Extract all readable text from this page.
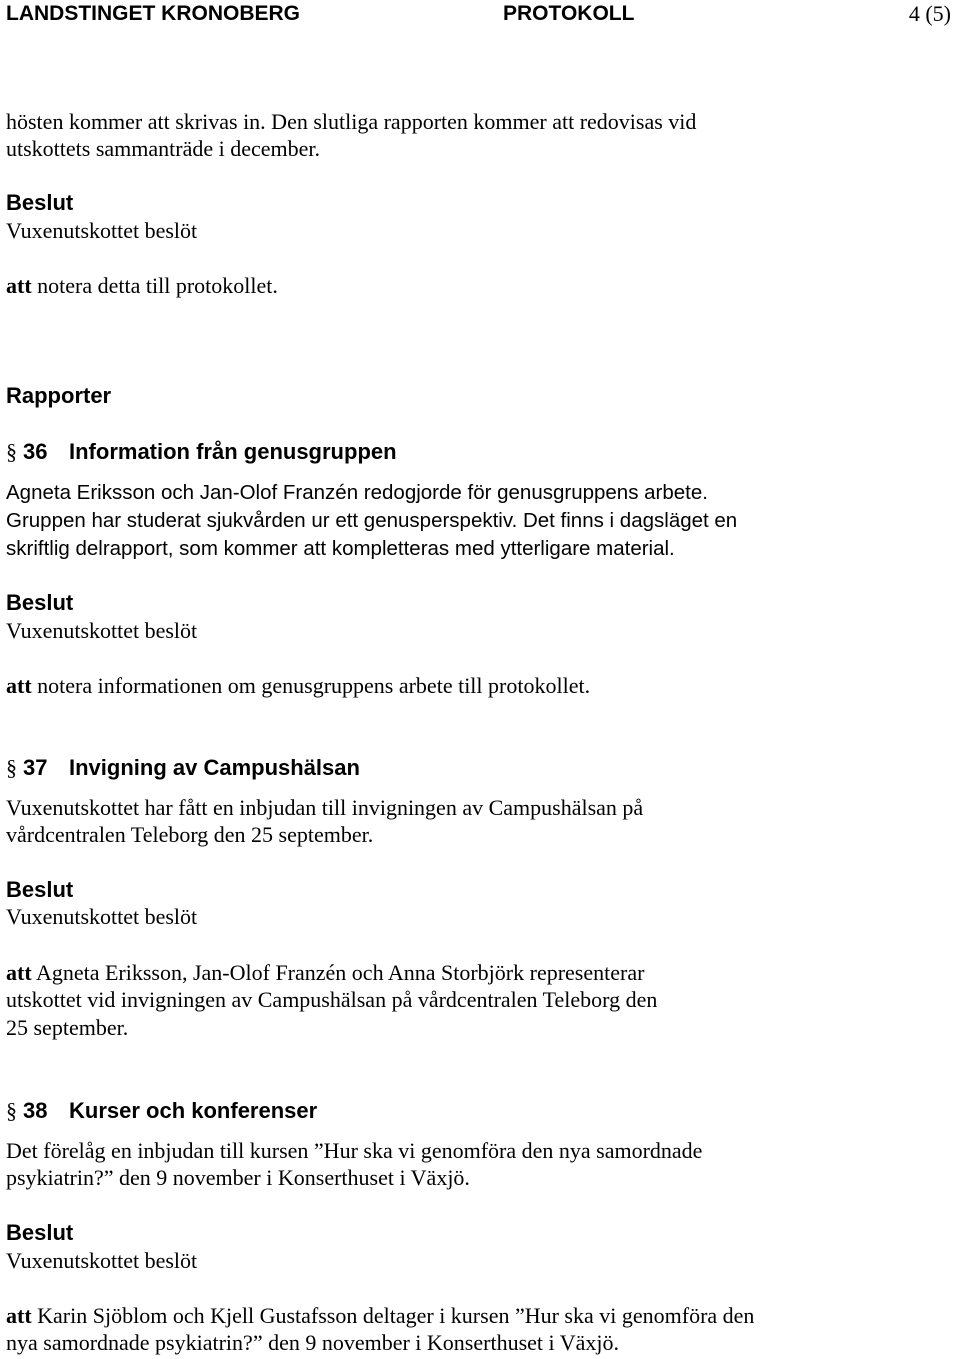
LANDSTINGET KRONOBERG	PROTOKOLL	4 (5)
hösten kommer att skrivas in. Den slutliga rapporten kommer att redovisas vid
utskottets sammanträde i december.
Beslut
Vuxenutskottet beslöt
att notera detta till protokollet.
Rapporter
§ 36 Information från genusgruppen
Agneta Eriksson och Jan-Olof Franzén redogjorde för genusgruppens arbete.
Gruppen har studerat sjukvården ur ett genusperspektiv. Det finns i dagsläget en
skriftlig delrapport, som kommer att kompletteras med ytterligare material.
Beslut
Vuxenutskottet beslöt
att notera informationen om genusgruppens arbete till protokollet.
§ 37 Invigning av Campushälsan
Vuxenutskottet har fått en inbjudan till invigningen av Campushälsan på
vårdcentralen Teleborg den 25 september.
Beslut
Vuxenutskottet beslöt
att Agneta Eriksson, Jan-Olof Franzén och Anna Storbjörk representerar
utskottet vid invigningen av Campushälsan på vårdcentralen Teleborg den
25 september.
§ 38 Kurser och konferenser
Det förelåg en inbjudan till kursen ”Hur ska vi genomföra den nya samordnade
psykiatrin?” den 9 november i Konserthuset i Växjö.
Beslut
Vuxenutskottet beslöt
att Karin Sjöblom och Kjell Gustafsson deltager i kursen ”Hur ska vi genomföra den
nya samordnade psykiatrin?” den 9 november i Konserthuset i Växjö.
